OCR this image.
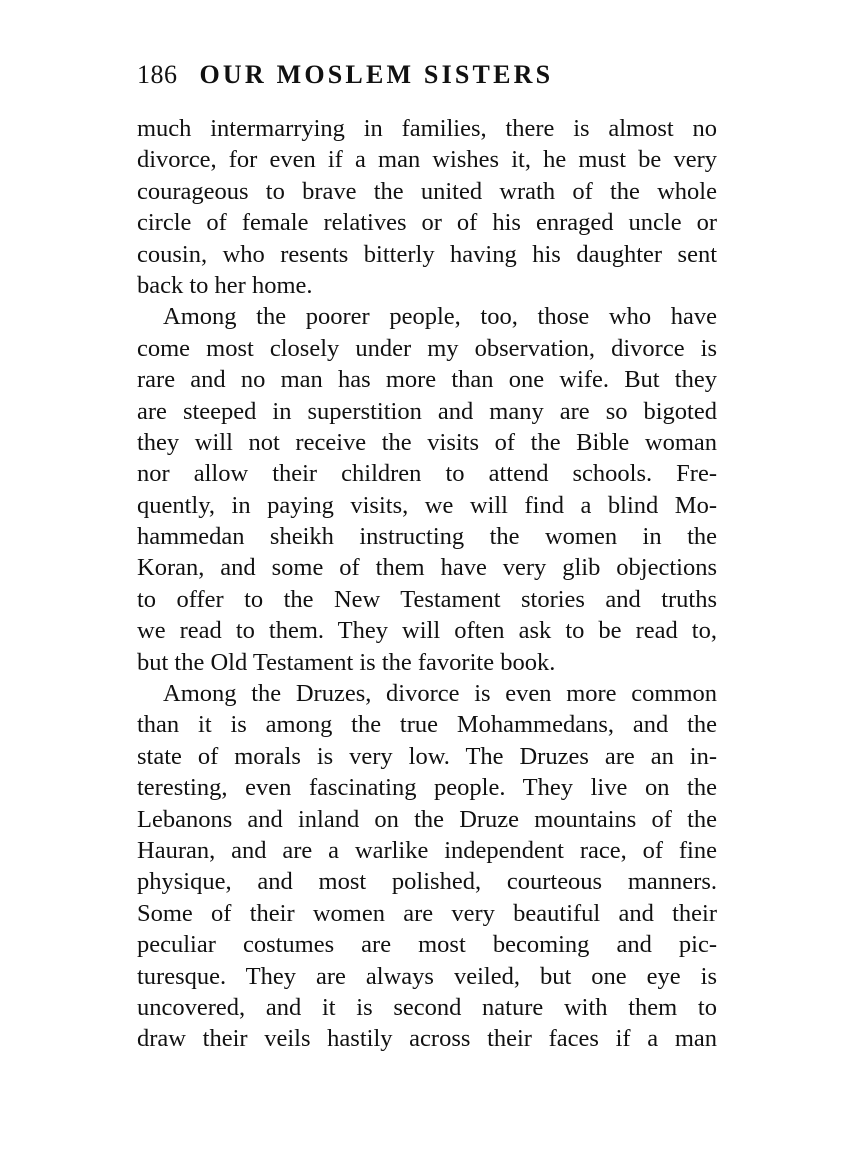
186 OUR MOSLEM SISTERS
much intermarrying in families, there is almost no
divorce, for even if a man wishes it, he must be very
courageous to brave the united wrath of the whole
circle of female relatives or of his enraged uncle or
cousin, who resents bitterly having his daughter sent
back to her home.
Among the poorer people, too, those who have
come most closely under my observation, divorce is
rare and no man has more than one wife. But they
are steeped in superstition and many are so bigoted
they will not receive the visits of the Bible woman
nor allow their children to attend schools. Fre-
quently, in paying visits, we will find a blind Mo-
hammedan sheikh instructing the women in the
Koran, and some of them have very glib objections
to offer to the New Testament stories and truths
we read to them. They will often ask to be read to,
but the Old Testament is the favorite book.
Among the Druzes, divorce is even more common
than it is among the true Mohammedans, and the
state of morals is very low. The Druzes are an in-
teresting, even fascinating people. They live on the
Lebanons and inland on the Druze mountains of the
Hauran, and are a warlike independent race, of fine
physique, and most polished, courteous manners.
Some of their women are very beautiful and their
peculiar costumes are most becoming and pic-
turesque. They are always veiled, but one eye is
uncovered, and it is second nature with them to
draw their veils hastily across their faces if a man
